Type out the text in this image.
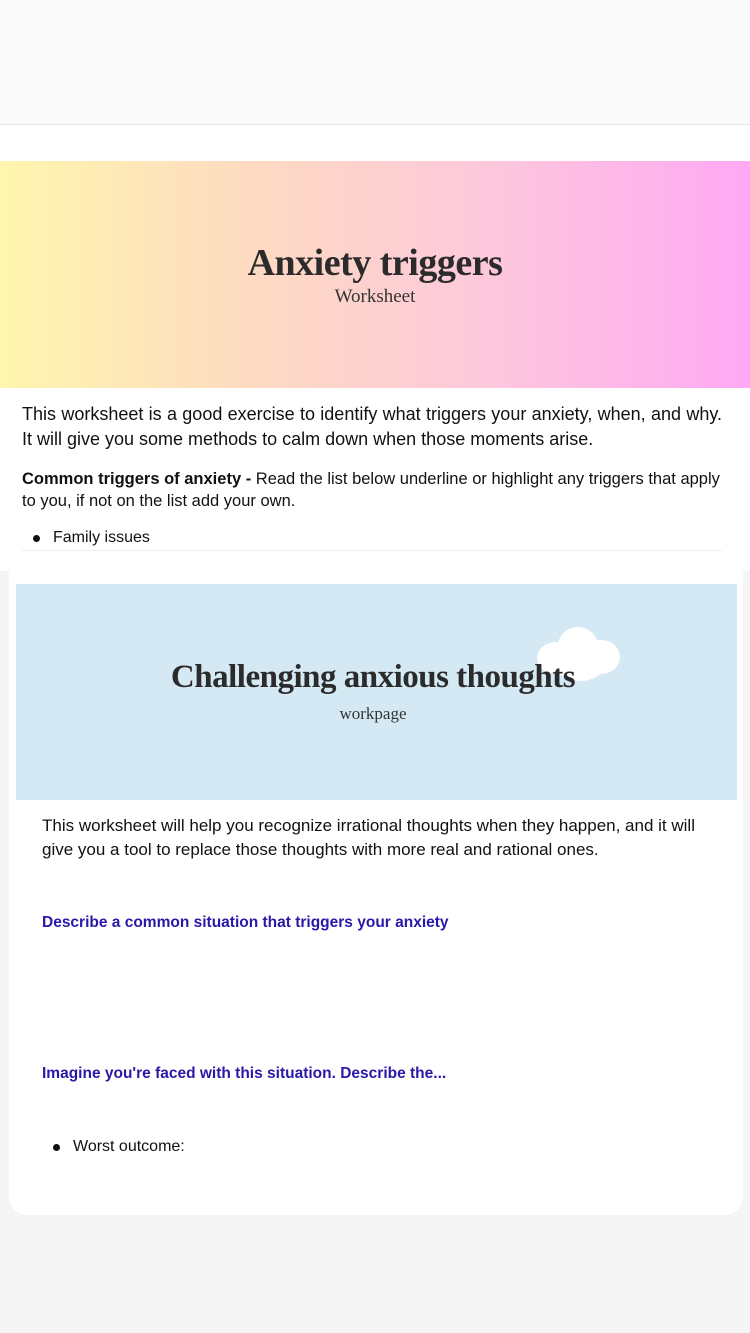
Anxiety triggers
Worksheet
This worksheet is a good exercise to identify what triggers your anxiety, when, and why. It will give you some methods to calm down when those moments arise.
Common triggers of anxiety - Read the list below underline or highlight any triggers that apply to you, if not on the list add your own.
Family issues
Challenging anxious thoughts
workpage
This worksheet will help you recognize irrational thoughts when they happen, and it will give you a tool to replace those thoughts with more real and rational ones.
Describe a common situation that triggers your anxiety
Imagine you're faced with this situation. Describe the...
Worst outcome:
